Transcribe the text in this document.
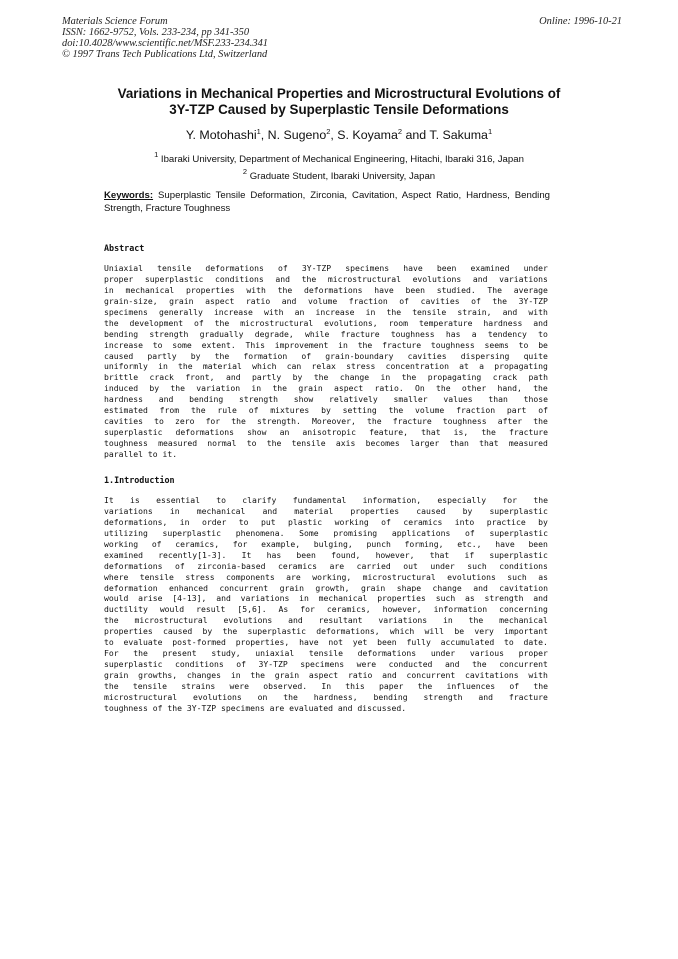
Materials Science Forum
ISSN: 1662-9752, Vols. 233-234, pp 341-350
doi:10.4028/www.scientific.net/MSF.233-234.341
© 1997 Trans Tech Publications Ltd, Switzerland
Online: 1996-10-21
Variations in Mechanical Properties and Microstructural Evolutions of
3Y-TZP Caused by Superplastic Tensile Deformations
Y. Motohashi$^1$, N. Sugeno$^2$, S. Koyama$^2$ and T. Sakuma$^1$
$^1$ Ibaraki University, Department of Mechanical Engineering, Hitachi, Ibaraki 316, Japan
$^2$ Graduate Student, Ibaraki University, Japan
Keywords: Superplastic Tensile Deformation, Zirconia, Cavitation, Aspect Ratio, Hardness, Bending Strength, Fracture Toughness
Abstract
Uniaxial tensile deformations of 3Y-TZP specimens have been examined under
proper superplastic conditions and the microstructural evolutions and variations
in mechanical properties with the deformations have been studied. The average
grain-size, grain aspect ratio and volume fraction of cavities of the 3Y-TZP
specimens generally increase with an increase in the tensile strain, and with
the development of the microstructural evolutions, room temperature hardness and
bending strength gradually degrade, while fracture toughness has a tendency to
increase to some extent. This improvement in the fracture toughness seems to be
caused partly by the formation of grain-boundary cavities dispersing quite
uniformly in the material which can relax stress concentration at a propagating
brittle crack front, and partly by the change in the propagating crack path
induced by the variation in the grain aspect ratio. On the other hand, the
hardness and bending strength show relatively smaller values than those
estimated from the rule of mixtures by setting the volume fraction part of
cavities to zero for the strength. Moreover, the fracture toughness after the
superplastic deformations show an anisotropic feature, that is, the fracture
toughness measured normal to the tensile axis becomes larger than that measured
parallel to it.
1.Introduction
It is essential to clarify fundamental information, especially for the
variations in mechanical and material properties caused by superplastic
deformations, in order to put plastic working of ceramics into practice by
utilizing superplastic phenomena. Some promising applications of superplastic
working of ceramics, for example, bulging, punch forming, etc., have been
examined recently[1-3]. It has been found, however, that if superplastic
deformations of zirconia-based ceramics are carried out under such conditions
where tensile stress components are working, microstructural evolutions such as
deformation enhanced concurrent grain growth, grain shape change and cavitation
would arise [4-13], and variations in mechanical properties such as strength and
ductility would result [5,6]. As for ceramics, however, information concerning
the microstructural evolutions and resultant variations in the mechanical
properties caused by the superplastic deformations, which will be very important
to evaluate post-formed properties, have not yet been fully accumulated to date.
For the present study, uniaxial tensile deformations under various proper
superplastic conditions of 3Y-TZP specimens were conducted and the concurrent
grain growths, changes in the grain aspect ratio and concurrent cavitations with
the tensile strains were observed. In this paper the influences of the
microstructural evolutions on the hardness, bending strength and fracture
toughness of the 3Y-TZP specimens are evaluated and discussed.
